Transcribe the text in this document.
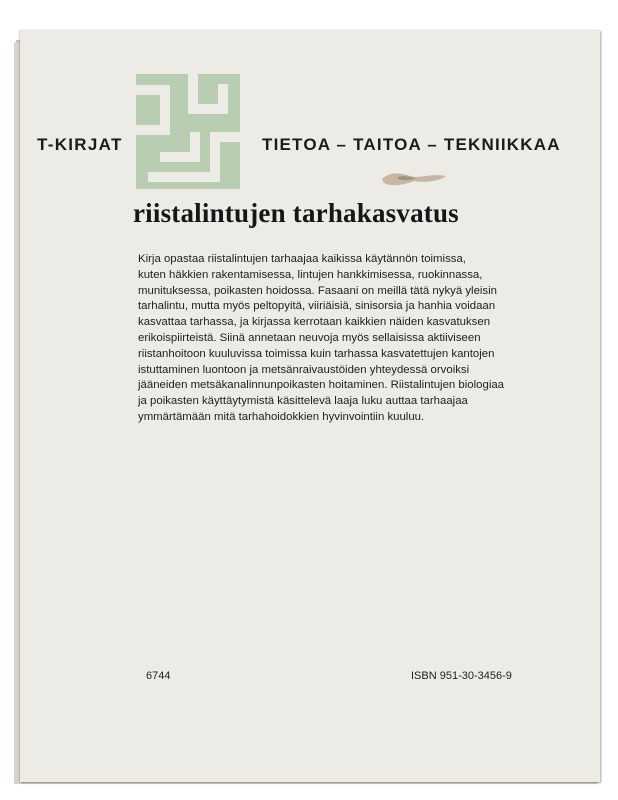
T-KIRJAT	TIETOA – TAITOA – TEKNIIKKAA
riistalintujen tarhakasvatus
Kirja opastaa riistalintujen tarhaajaa kaikissa käytännön toimissa,
kuten häkkien rakentamisessa, lintujen hankkimisessa, ruokinnassa,
munituksessa, poikasten hoidossa. Fasaani on meillä tätä nykyä yleisin
tarhalintu, mutta myös peltopyitä, viiriäisiä, sinisorsia ja hanhia voidaan
kasvattaa tarhassa, ja kirjassa kerrotaan kaikkien näiden kasvatuksen
erikoispiirteistä. Siinä annetaan neuvoja myös sellaisissa aktiiviseen
riistanhoitoon kuuluvissa toimissa kuin tarhassa kasvatettujen kantojen
istuttaminen luontoon ja metsänraivaustöiden yhteydessä orvoiksi
jääneiden metsäkanalinnunpoikasten hoitaminen. Riistalintujen biologiaa
ja poikasten käyttäytymistä käsittelevä laaja luku auttaa tarhaajaa
ymmärtämään mitä tarhahoidokkien hyvinvointiin kuuluu.
6744	ISBN 951-30-3456-9
